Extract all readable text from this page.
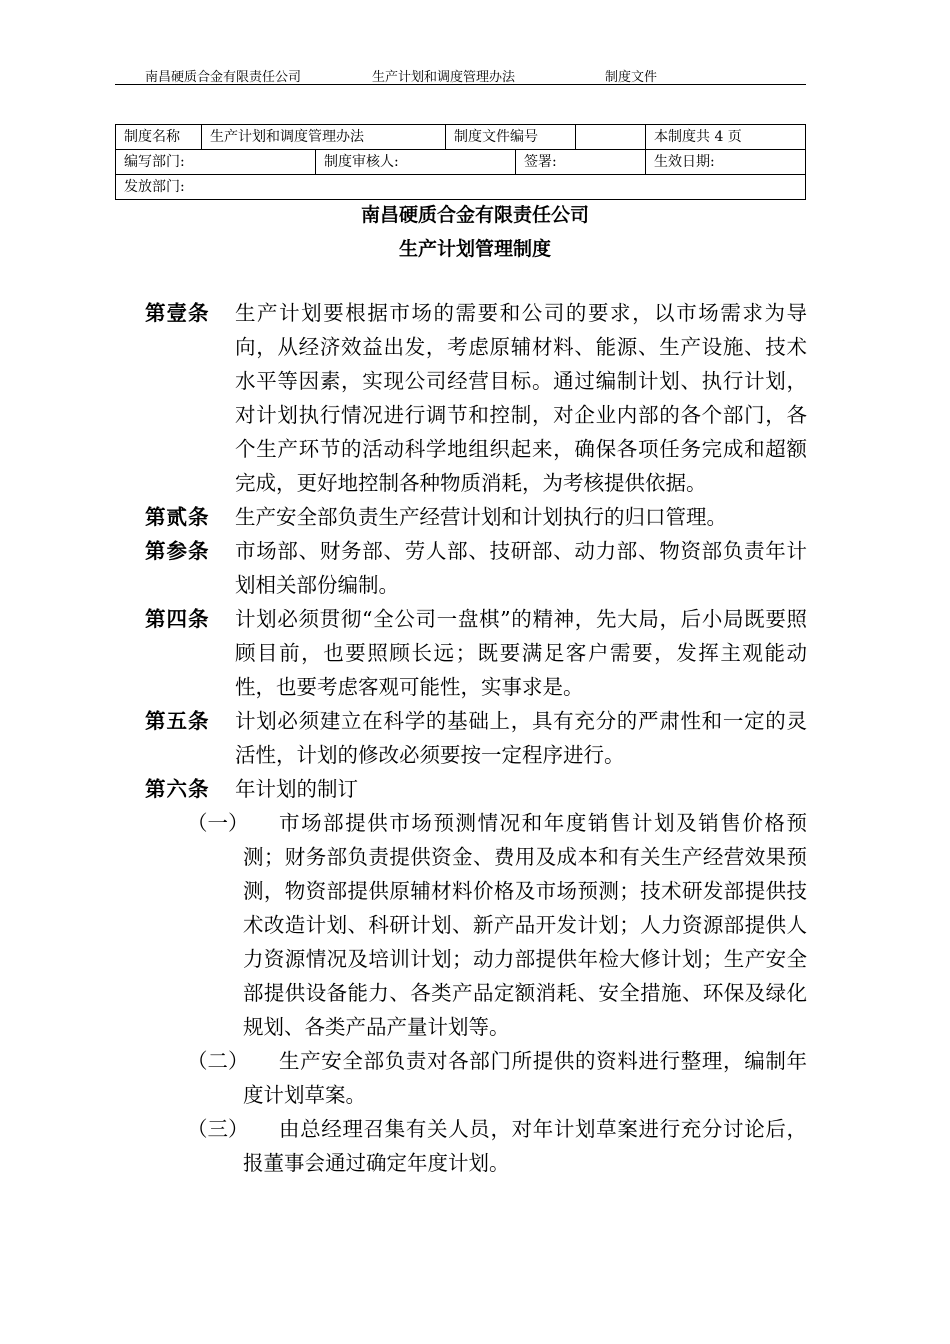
南昌硬质合金有限责任公司	生产计划和调度管理办法	制度文件
制度名称	生产计划和调度管理办法		制度文件编号			本制度共 4 页
编写部门:		制度审核人:		签署:		生效日期:
发放部门:						
南昌硬质合金有限责任公司
生产计划管理制度
第壹条 生产计划要根据市场的需要和公司的要求，以市场需求为导向，从经济效益出发，考虑原辅材料、能源、生产设施、技术水平等因素，实现公司经营目标。通过编制计划、执行计划，对计划执行情况进行调节和控制，对企业内部的各个部门，各个生产环节的活动科学地组织起来，确保各项任务完成和超额完成，更好地控制各种物质消耗，为考核提供依据。
第贰条 生产安全部负责生产经营计划和计划执行的归口管理。
第参条 市场部、财务部、劳人部、技研部、动力部、物资部负责年计划相关部份编制。
第四条 计划必须贯彻“全公司一盘棋”的精神，先大局，后小局既要照顾目前，也要照顾长远；既要满足客户需要，发挥主观能动性，也要考虑客观可能性，实事求是。
第五条 计划必须建立在科学的基础上，具有充分的严肃性和一定的灵活性，计划的修改必须要按一定程序进行。
第六条 年计划的制订
（一）	市场部提供市场预测情况和年度销售计划及销售价格预测；财务部负责提供资金、费用及成本和有关生产经营效果预测，物资部提供原辅材料价格及市场预测；技术研发部提供技术改造计划、科研计划、新产品开发计划；人力资源部提供人力资源情况及培训计划；动力部提供年检大修计划；生产安全部提供设备能力、各类产品定额消耗、安全措施、环保及绿化规划、各类产品产量计划等。
（二）	生产安全部负责对各部门所提供的资料进行整理，编制年度计划草案。
（三）	由总经理召集有关人员，对年计划草案进行充分讨论后，报董事会通过确定年度计划。
